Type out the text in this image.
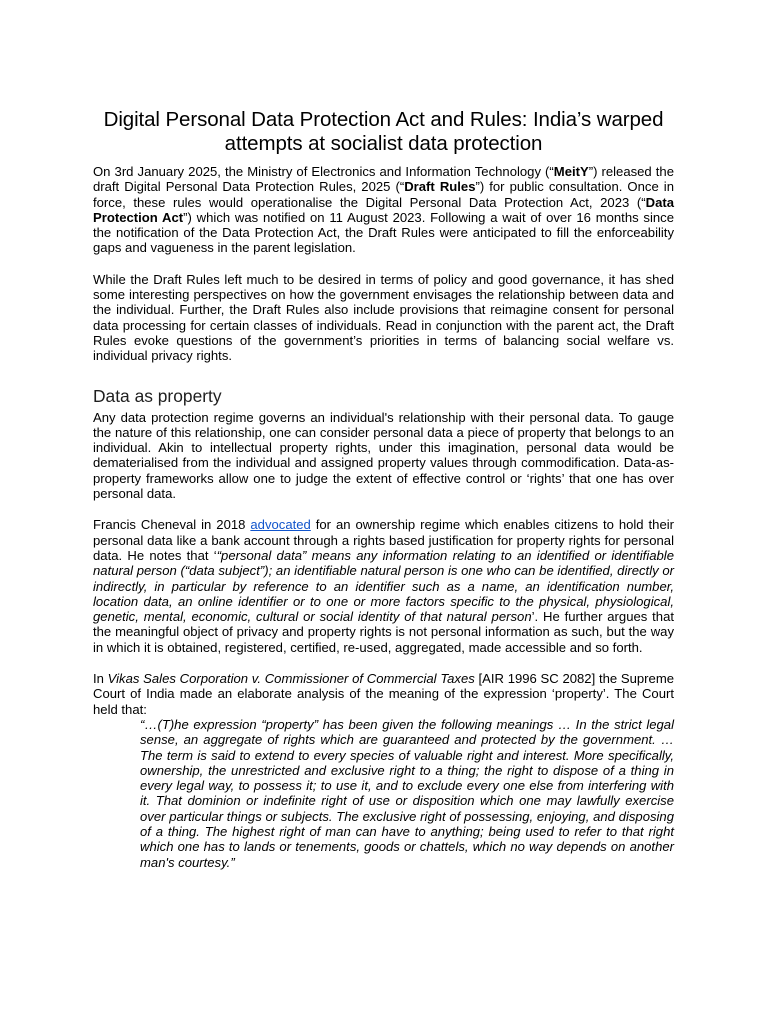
Digital Personal Data Protection Act and Rules: India’s warped attempts at socialist data protection

On 3rd January 2025, the Ministry of Electronics and Information Technology (“MeitY”) released the draft Digital Personal Data Protection Rules, 2025 (“Draft Rules”) for public consultation. Once in force, these rules would operationalise the Digital Personal Data Protection Act, 2023 (“Data Protection Act”) which was notified on 11 August 2023. Following a wait of over 16 months since the notification of the Data Protection Act, the Draft Rules were anticipated to fill the enforceability gaps and vagueness in the parent legislation.

While the Draft Rules left much to be desired in terms of policy and good governance, it has shed some interesting perspectives on how the government envisages the relationship between data and the individual. Further, the Draft Rules also include provisions that reimagine consent for personal data processing for certain classes of individuals. Read in conjunction with the parent act, the Draft Rules evoke questions of the government’s priorities in terms of balancing social welfare vs. individual privacy rights.

Data as property

Any data protection regime governs an individual's relationship with their personal data. To gauge the nature of this relationship, one can consider personal data a piece of property that belongs to an individual. Akin to intellectual property rights, under this imagination, personal data would be dematerialised from the individual and assigned property values through commodification. Data-as-property frameworks allow one to judge the extent of effective control or ‘rights’ that one has over personal data.

Francis Cheneval in 2018 advocated for an ownership regime which enables citizens to hold their personal data like a bank account through a rights based justification for property rights for personal data. He notes that ‘“personal data” means any information relating to an identified or identifiable natural person (“data subject”); an identifiable natural person is one who can be identified, directly or indirectly, in particular by reference to an identifier such as a name, an identification number, location data, an online identifier or to one or more factors specific to the physical, physiological, genetic, mental, economic, cultural or social identity of that natural person’. He further argues that the meaningful object of privacy and property rights is not personal information as such, but the way in which it is obtained, registered, certified, re-used, aggregated, made accessible and so forth.

In Vikas Sales Corporation v. Commissioner of Commercial Taxes [AIR 1996 SC 2082] the Supreme Court of India made an elaborate analysis of the meaning of the expression ‘property’. The Court held that:

“…(T)he expression “property” has been given the following meanings … In the strict legal sense, an aggregate of rights which are guaranteed and protected by the government. … The term is said to extend to every species of valuable right and interest. More specifically, ownership, the unrestricted and exclusive right to a thing; the right to dispose of a thing in every legal way, to possess it; to use it, and to exclude every one else from interfering with it. That dominion or indefinite right of use or disposition which one may lawfully exercise over particular things or subjects. The exclusive right of possessing, enjoying, and disposing of a thing. The highest right of man can have to anything; being used to refer to that right which one has to lands or tenements, goods or chattels, which no way depends on another man's courtesy.”
